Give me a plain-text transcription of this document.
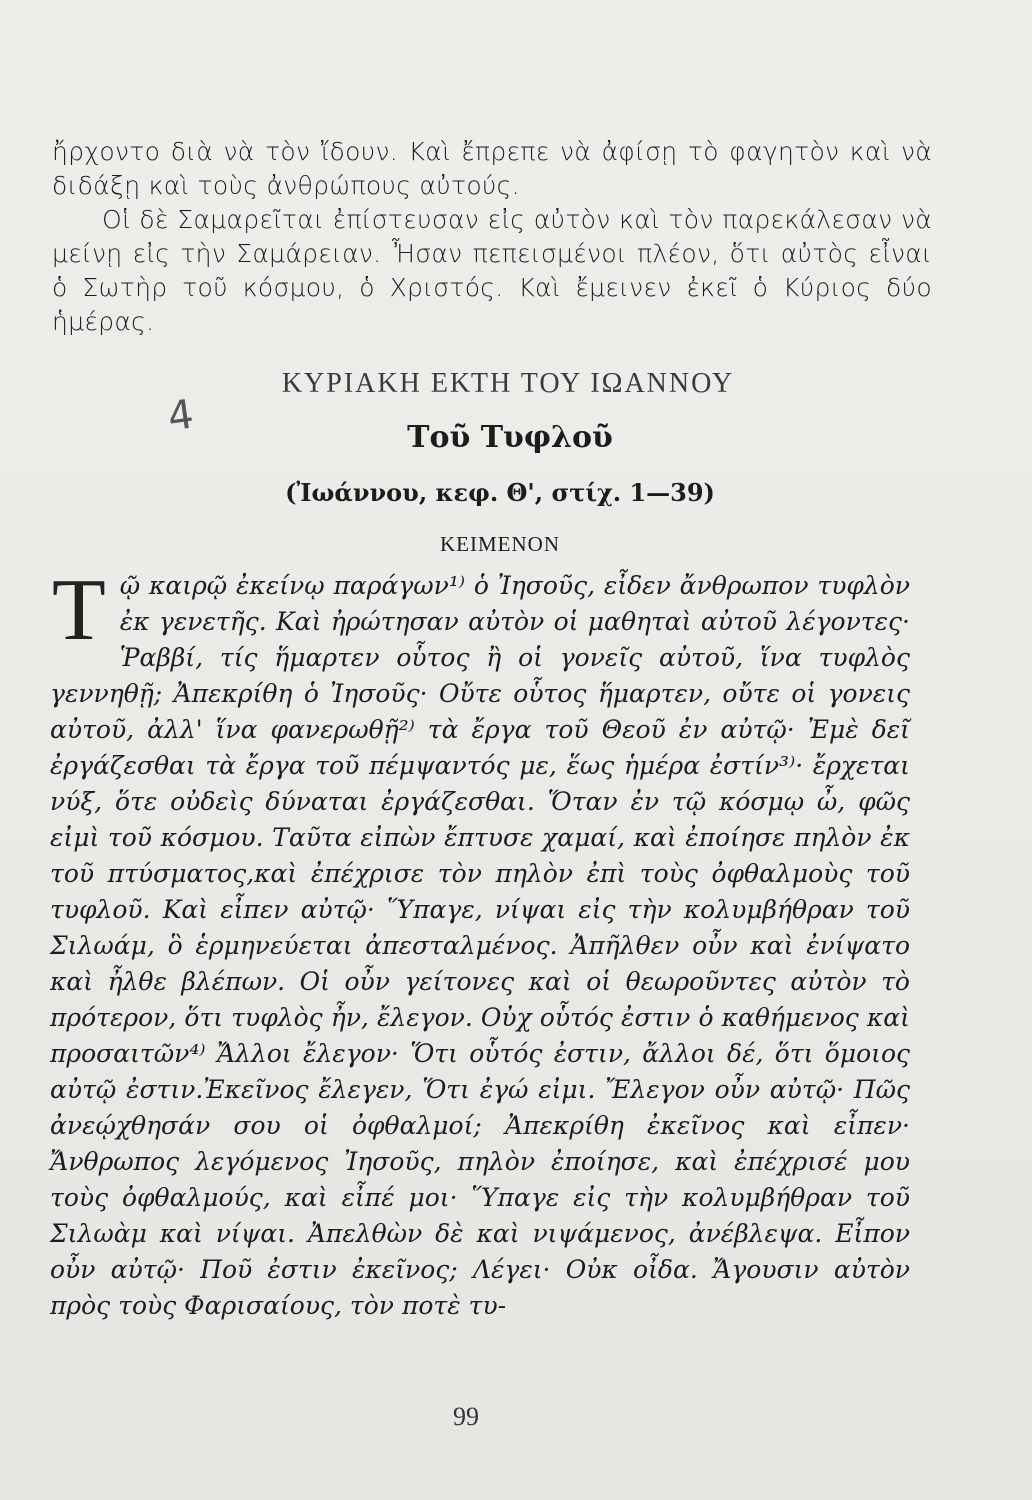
ἤρχοντο διὰ νὰ τὸν ἴδουν. Καὶ ἔπρεπε νὰ ἀφίσῃ τὸ φαγητὸν καὶ νὰ διδάξῃ καὶ τοὺς ἀνθρώπους αὐτούς.

Οἱ δὲ Σαμαρεῖται ἐπίστευσαν εἰς αὐτὸν καὶ τὸν παρεκάλεσαν νὰ μείνῃ εἰς τὴν Σαμάρειαν. Ἦσαν πεπεισμένοι πλέον, ὅτι αὐτὸς εἶναι ὁ Σωτὴρ τοῦ κόσμου, ὁ Χριστός. Καὶ ἔμεινεν ἐκεῖ ὁ Κύριος δύο ἡμέρας.

4
ΚΥΡΙΑΚΗ ΕΚΤΗ ΤΟΥ ΙΩΑΝΝΟΥ
Τοῦ Τυφλοῦ
(Ἰωάννου, κεφ. Θ', στίχ. 1—39)
ΚΕΙΜΕΝΟΝ
Τ ῷ καιρῷ ἐκείνῳ παράγων¹⁾ ὁ Ἰησοῦς, εἶδεν ἄνθρωπον τυφλὸν ἐκ γενετῆς. Καὶ ἠρώτησαν αὐτὸν οἱ μαθηταὶ αὐτοῦ λέγοντες· Ῥαββί, τίς ἥμαρτεν οὗτος ἢ οἱ γονεῖς αὐτοῦ, ἵνα τυφλὸς γεννηθῇ; Ἀπεκρίθη ὁ Ἰησοῦς· Οὔτε οὗτος ἥμαρτεν, οὔτε οἱ γονεις αὐτοῦ, ἀλλ' ἵνα φανερωθῇ²⁾ τὰ ἔργα τοῦ Θεοῦ ἐν αὐτῷ· Ἐμὲ δεῖ ἐργάζεσθαι τὰ ἔργα τοῦ πέμψαντός με, ἕως ἡμέρα ἐστίν³⁾· ἔρχεται νύξ, ὅτε οὐδεὶς δύναται ἐργάζεσθαι. Ὅταν ἐν τῷ κόσμῳ ὦ, φῶς εἰμὶ τοῦ κόσμου. Ταῦτα εἰπὼν ἔπτυσε χαμαί, καὶ ἐποίησε πηλὸν ἐκ τοῦ πτύσματος,καὶ ἐπέχρισε τὸν πηλὸν ἐπὶ τοὺς ὀφθαλμοὺς τοῦ τυφλοῦ. Καὶ εἶπεν αὐτῷ· Ὕπαγε, νίψαι εἰς τὴν κολυμβήθραν τοῦ Σιλωάμ, ὃ ἑρμηνεύεται ἀπεσταλμένος. Ἀπῆλθεν οὖν καὶ ἐνίψατο καὶ ἦλθε βλέπων. Οἱ οὖν γείτονες καὶ οἱ θεωροῦντες αὐτὸν τὸ πρότερον, ὅτι τυφλὸς ἦν, ἔλεγον. Οὐχ οὗτός ἐστιν ὁ καθήμενος καὶ προσαιτῶν⁴⁾ Ἄλλοι ἔλεγον· Ὅτι οὗτός ἐστιν, ἄλλοι δέ, ὅτι ὅμοιος αὐτῷ ἐστιν.Ἐκεῖνος ἔλεγεν, Ὅτι ἐγώ εἰμι. Ἔλεγον οὖν αὐτῷ· Πῶς ἀνεῴχθησάν σου οἱ ὀφθαλμοί; Ἀπεκρίθη ἐκεῖνος καὶ εἶπεν· Ἄνθρωπος λεγόμενος Ἰησοῦς, πηλὸν ἐποίησε, καὶ ἐπέχρισέ μου τοὺς ὀφθαλμούς, καὶ εἶπέ μοι· Ὕπαγε εἰς τὴν κολυμβήθραν τοῦ Σιλωὰμ καὶ νίψαι. Ἀπελθὼν δὲ καὶ νιψάμενος, ἀνέβλεψα. Εἶπον οὖν αὐτῷ· Ποῦ ἐστιν ἐκεῖνος; Λέγει· Οὐκ οἶδα. Ἄγουσιν αὐτὸν πρὸς τοὺς Φαρισαίους, τὸν ποτὲ τυ-
99
